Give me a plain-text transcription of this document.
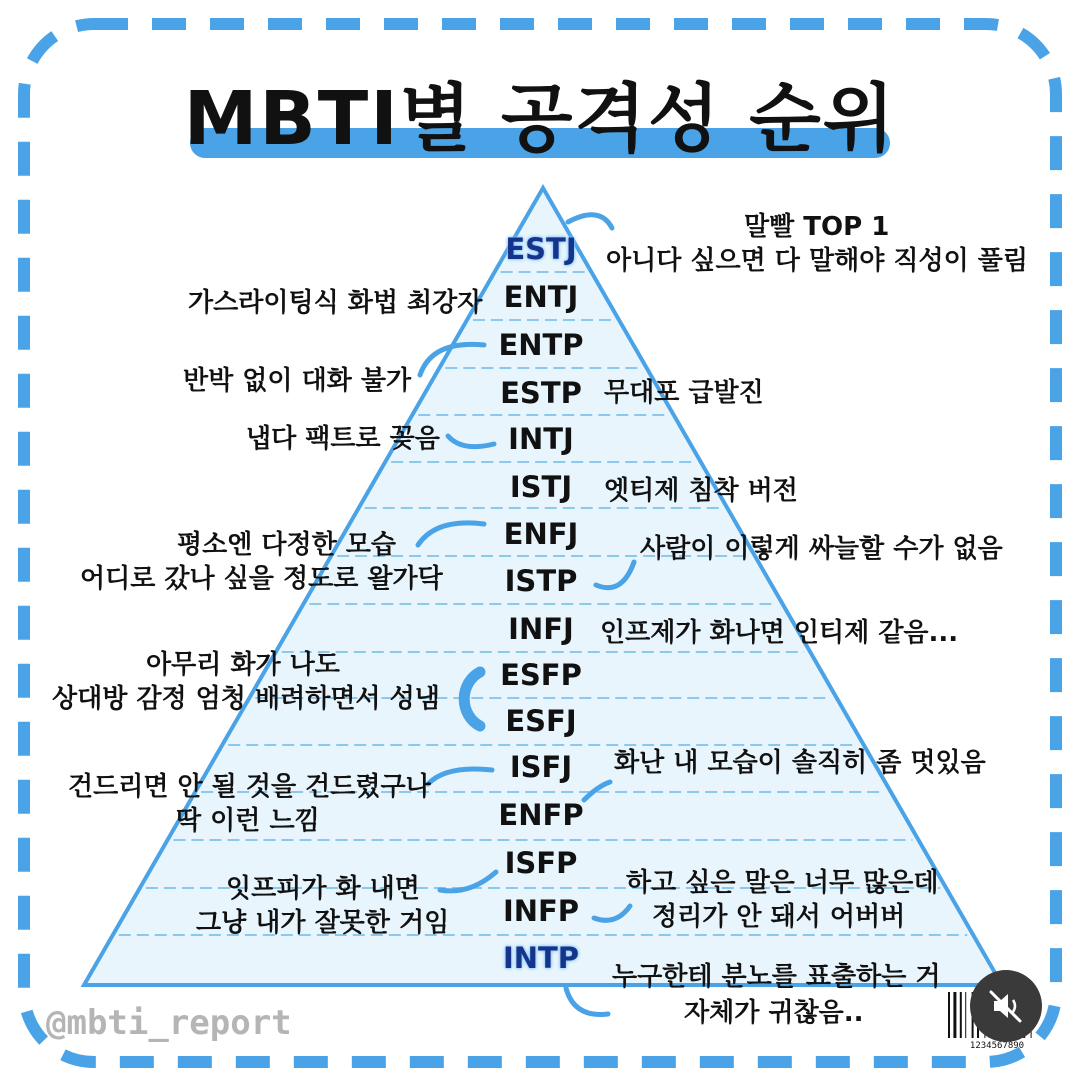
MBTI별 공격성 순위
ESTJ
ENTJ
ENTP
ESTP
INTJ
ISTJ
ENFJ
ISTP
INFJ
ESFP
ESFJ
ISFJ
ENFP
ISFP
INFP
INTP
말빨 TOP 1
아니다 싶으면 다 말해야 직성이 풀림
가스라이팅식 화법 최강자
반박 없이 대화 불가	무대포 급발진
냅다 팩트로 꽂음
엣티제 침착 버전
평소엔 다정한 모습
어디로 갔나 싶을 정도로 왈가닥
사람이 이렇게 싸늘할 수가 없음
인프제가 화나면 인티제 같음...
아무리 화가 나도
상대방 감정 엄청 배려하면서 성냄
건드리면 안 될 것을 건드렸구나
딱 이런 느낌
화난 내 모습이 솔직히 좀 멋있음
잇프피가 화 내면
그냥 내가 잘못한 거임
하고 싶은 말은 너무 많은데
정리가 안 돼서 어버버
누구한테 분노를 표출하는 거
자체가 귀찮음..
@mbti_report
1234567890
